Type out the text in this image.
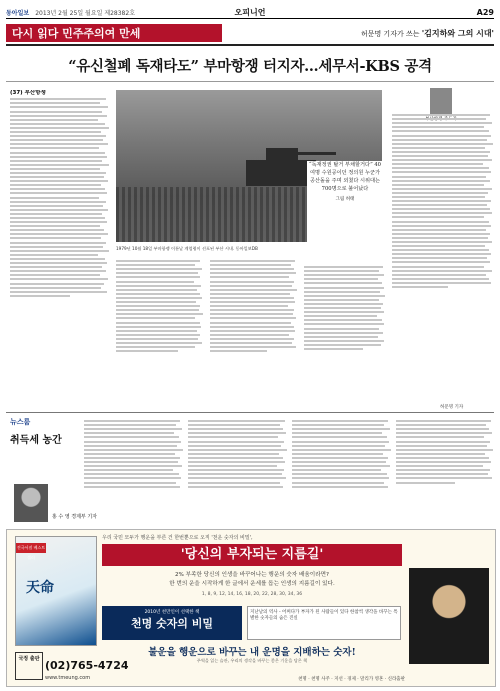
동아일보 2013년 2월 25일 월요일 제28382호	오피니언	A29
다시 읽다 민주주의여 만세	허문명 기자가 쓰는 '김지하와 그의 시대'
“유신철폐 독재타도” 부마항쟁 터지자…세무서-KBS 공격
(37) 부산항쟁
1979년 10월 18일 부마항쟁 이튿날 계엄령이 선포된 부산 시내. 동아일보DB
“독재정권 탈거 부채할거다” 40여명 수원공이던 정의원 누군가 공산돌을 주며 외쳤다 시위대는 700명으로 불어났다
그림 허태
허문명 기자
뉴스룸
취득세 농간
홍 수 영 경제부 기자
전국서점 베스트셀러
天命
우리 국민 모두가 행운을 부른 건 한번뿐으로 오직 '천운 숫자의 비밀',
'당신의 부자되는 지름길'
2% 부족한 당신의 인생을 바꾸어나는 행운의 숫자 배움이라면?
한 번의 운을 시작하게 한 글에서 운세를 돕는 인생의 지름길이 있다.
1, 8, 9, 12, 14, 16, 18, 20, 22, 28, 30, 34, 36
2010년 천만인이 선택한 책
천명 숫자의 비밀
지난날의 역사 - 어쩌다가 부자가 된 사람들이 있다 한참씩 생각을 바꾸는 특별한 숫자들의 숨은 진실
불운을 행운으로 바꾸는 내 운명을 지배하는 숫자!
주역을 읽는 습관, 우리의 생각을 바꾸는 좋은 기운을 담은 책
국정 출판 (02)765-4724
www.tmeung.com	천명 · 천명 사주 · 지선 · 경제 · 말리가 영혼 · 신라출판
